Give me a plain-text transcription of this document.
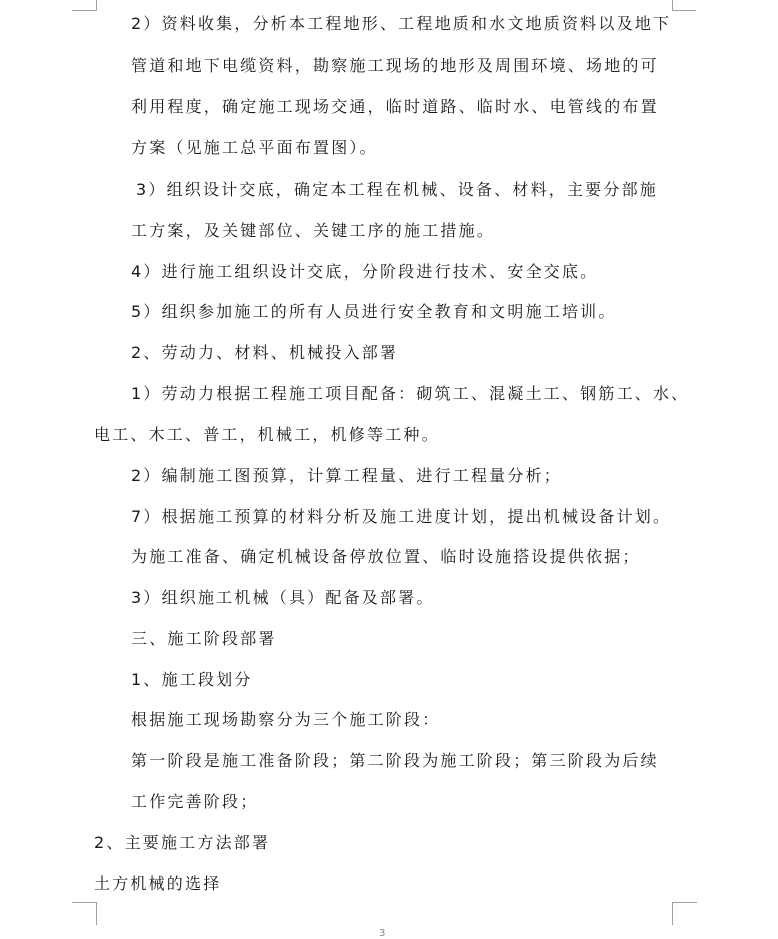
2）资料收集，分析本工程地形、工程地质和水文地质资料以及地下
管道和地下电缆资料，勘察施工现场的地形及周围环境、场地的可
利用程度，确定施工现场交通，临时道路、临时水、电管线的布置
方案（见施工总平面布置图）。
3）组织设计交底，确定本工程在机械、设备、材料，主要分部施
工方案，及关键部位、关键工序的施工措施。
4）进行施工组织设计交底，分阶段进行技术、安全交底。
5）组织参加施工的所有人员进行安全教育和文明施工培训。
2、劳动力、材料、机械投入部署
1）劳动力根据工程施工项目配备：砌筑工、混凝土工、钢筋工、水、
电工、木工、普工，机械工，机修等工种。
2）编制施工图预算，计算工程量、进行工程量分析；
7）根据施工预算的材料分析及施工进度计划，提出机械设备计划。
为施工准备、确定机械设备停放位置、临时设施搭设提供依据；
3）组织施工机械（具）配备及部署。
三、施工阶段部署
1、施工段划分
根据施工现场勘察分为三个施工阶段：
第一阶段是施工准备阶段；第二阶段为施工阶段；第三阶段为后续
工作完善阶段；
2、主要施工方法部署
土方机械的选择
3
